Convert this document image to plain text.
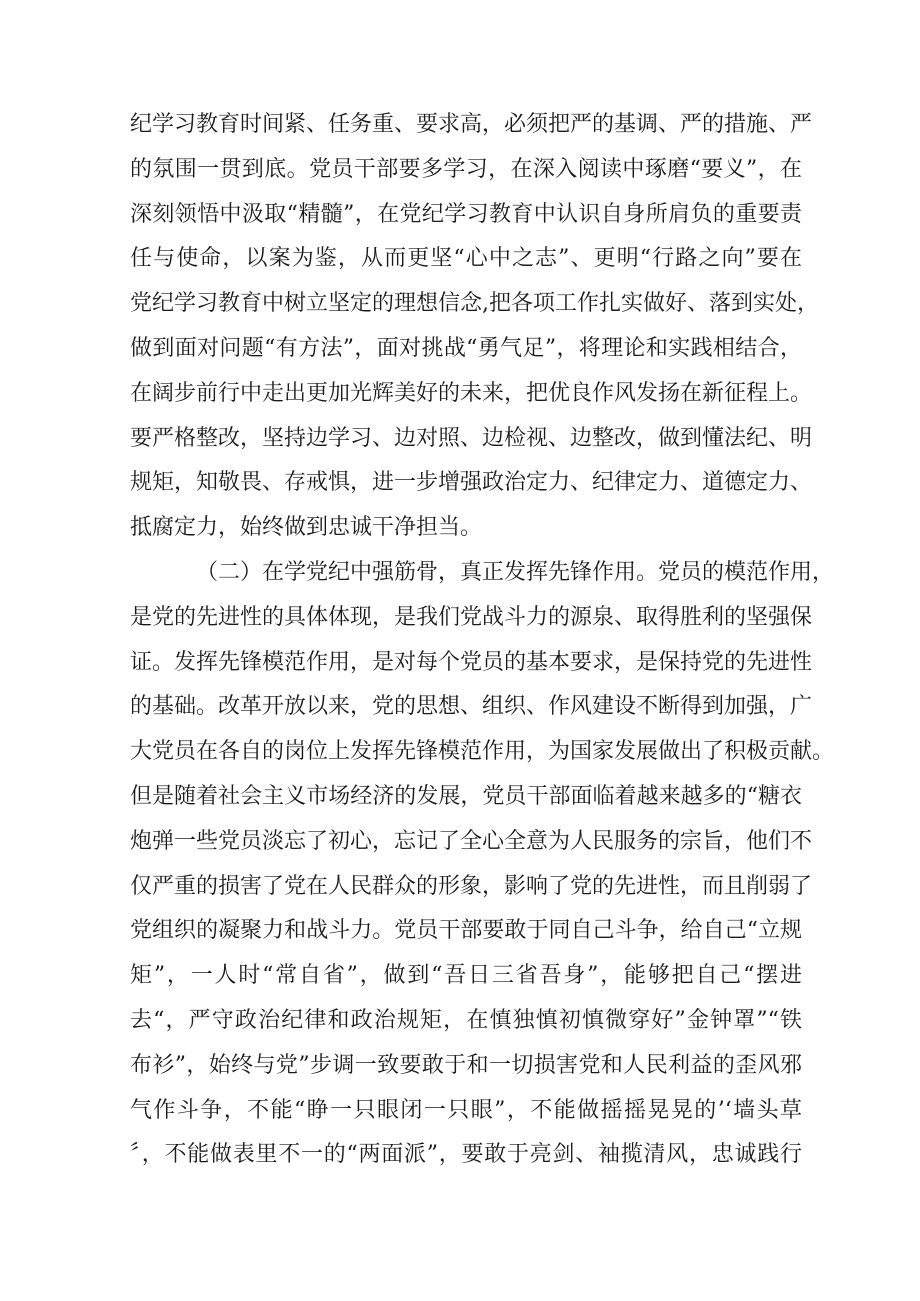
纪学习教育时间紧、任务重、要求高，必须把严的基调、严的措施、严
的氛围一贯到底。党员干部要多学习，在深入阅读中琢磨“要义”，在
深刻领悟中汲取“精髓”，在党纪学习教育中认识自身所肩负的重要责
任与使命，以案为鉴，从而更坚“心中之志”、更明“行路之向”要在
党纪学习教育中树立坚定的理想信念,把各项工作扎实做好、落到实处，
做到面对问题“有方法”，面对挑战“勇气足”，将理论和实践相结合，
在阔步前行中走出更加光辉美好的未来，把优良作风发扬在新征程上。
要严格整改，坚持边学习、边对照、边检视、边整改，做到懂法纪、明
规矩，知敬畏、存戒惧，进一步增强政治定力、纪律定力、道德定力、
抵腐定力，始终做到忠诚干净担当。
（二）在学党纪中强筋骨，真正发挥先锋作用。党员的模范作用，
是党的先进性的具体体现，是我们党战斗力的源泉、取得胜利的坚强保
证。发挥先锋模范作用，是对每个党员的基本要求，是保持党的先进性
的基础。改革开放以来，党的思想、组织、作风建设不断得到加强，广
大党员在各自的岗位上发挥先锋模范作用，为国家发展做出了积极贡献。
但是随着社会主义市场经济的发展，党员干部面临着越来越多的“糖衣
炮弹一些党员淡忘了初心，忘记了全心全意为人民服务的宗旨，他们不
仅严重的损害了党在人民群众的形象，影响了党的先进性，而且削弱了
党组织的凝聚力和战斗力。党员干部要敢于同自己斗争，给自己“立规
矩”，一人时“常自省”，做到“吾日三省吾身”，能够把自己“摆进
去“，严守政治纪律和政治规矩，在慎独慎初慎微穿好”金钟罩”“铁
布衫”，始终与党”步调一致要敢于和一切损害党和人民利益的歪风邪
气作斗争，不能“睁一只眼闭一只眼”，不能做摇摇晃晃的’‘墙头草
〞，不能做表里不一的“两面派”，要敢于亮剑、袖揽清风，忠诚践行
